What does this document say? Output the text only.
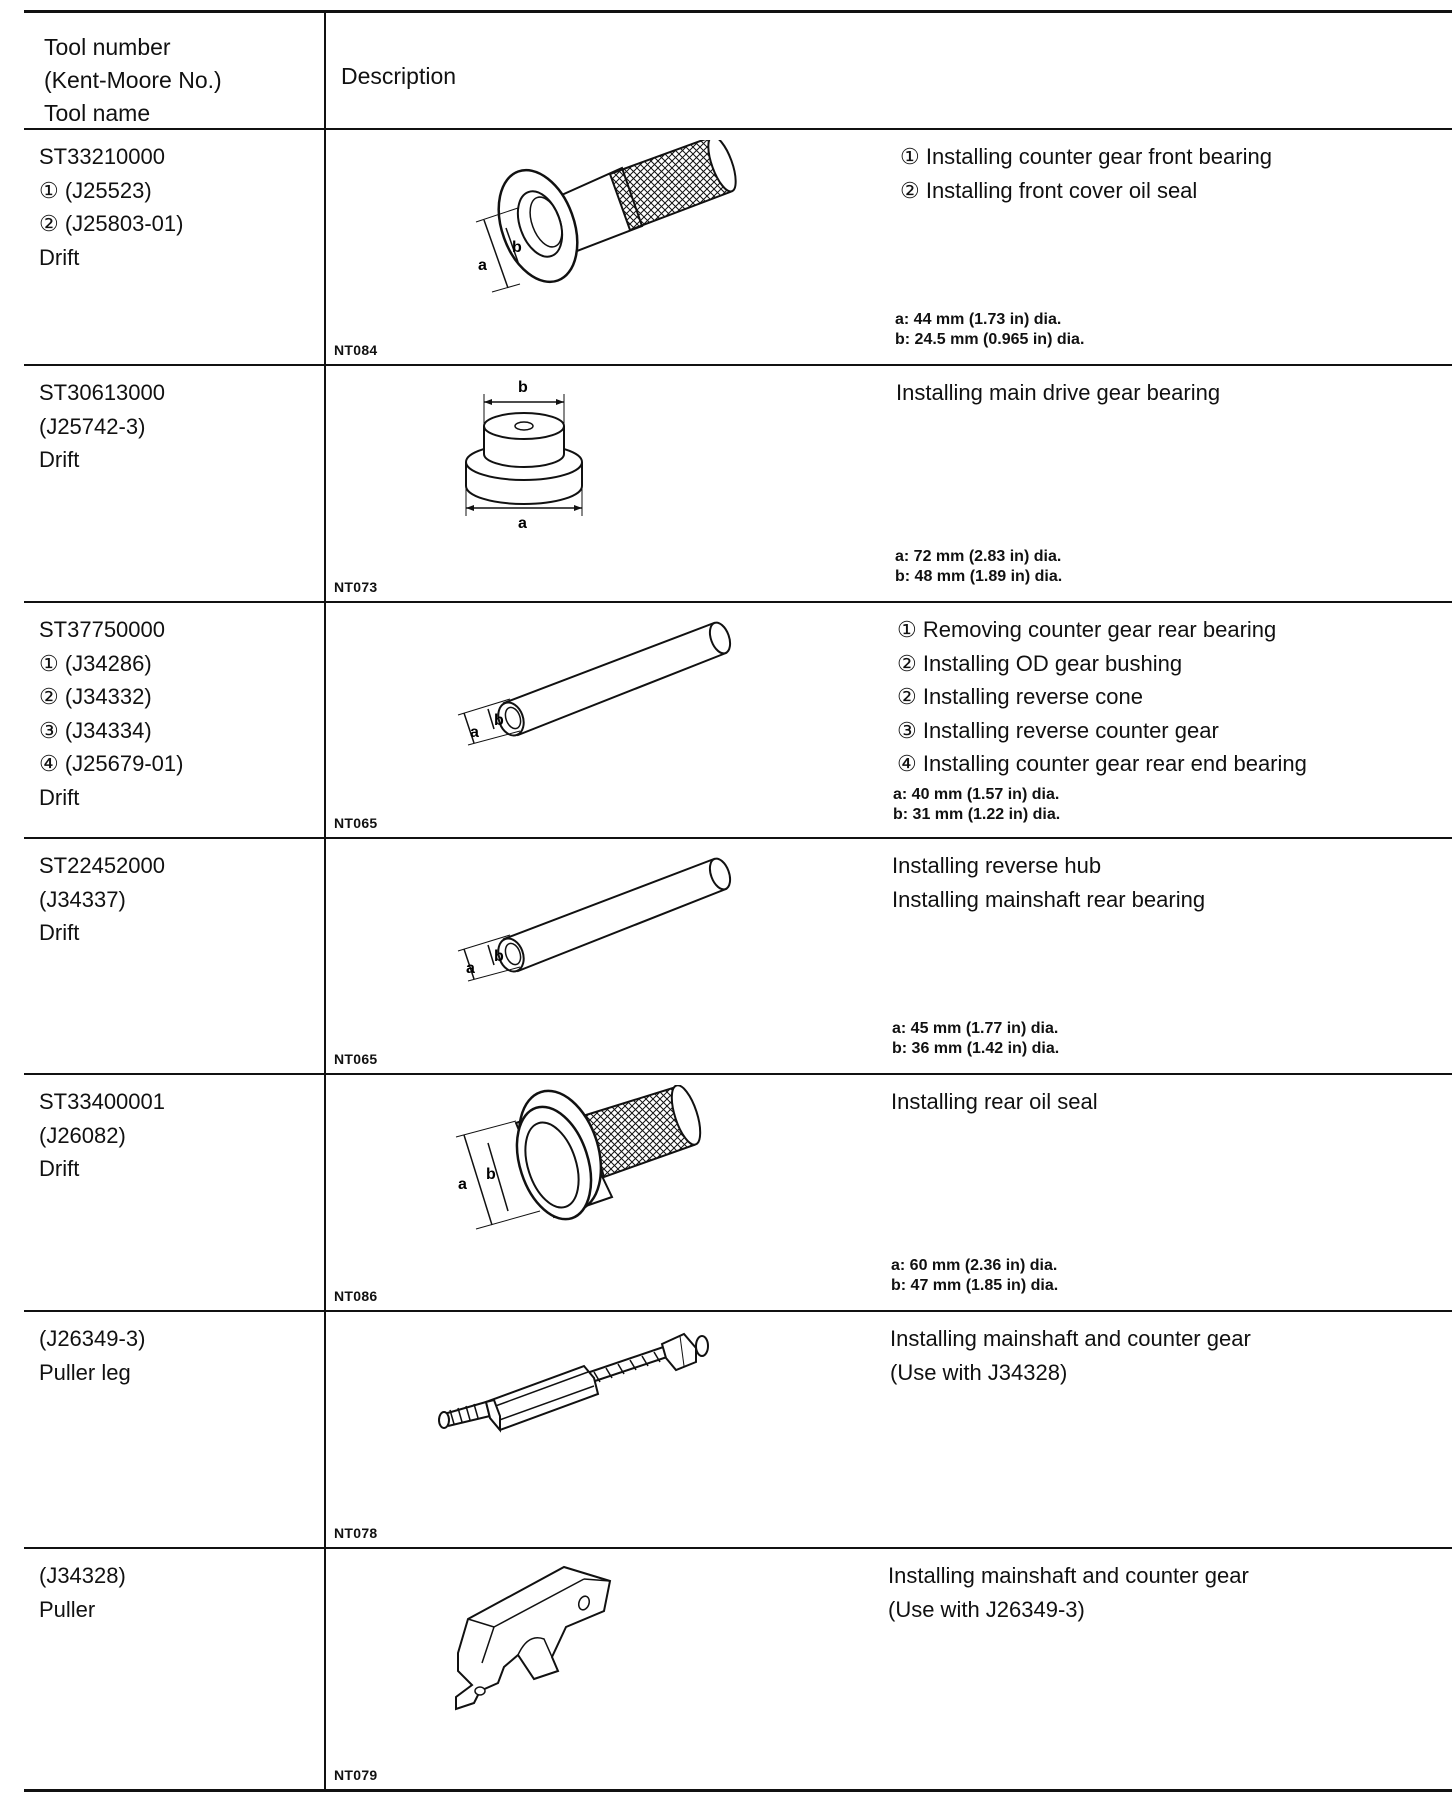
Tool number
(Kent-Moore No.)
Tool name
Description
ST33210000
① (J25523)
② (J25803-01)
Drift	a
b
NT084
① Installing counter gear front bearing
② Installing front cover oil seal
a: 44 mm (1.73 in) dia.
b: 24.5 mm (0.965 in) dia.
ST30613000
(J25742-3)
Drift
b
a
NT073
Installing main drive gear bearing
a: 72 mm (2.83 in) dia.
b: 48 mm (1.89 in) dia.
ST37750000
① (J34286)
② (J34332)
③ (J34334)
④ (J25679-01)
Drift
a
b
NT065
① Removing counter gear rear bearing
② Installing OD gear bushing
② Installing reverse cone
③ Installing reverse counter gear
④ Installing counter gear rear end bearing
a: 40 mm (1.57 in) dia.
b: 31 mm (1.22 in) dia.
ST22452000
(J34337)
Drift
a
b
NT065
Installing reverse hub
Installing mainshaft rear bearing
a: 45 mm (1.77 in) dia.
b: 36 mm (1.42 in) dia.
ST33400001
(J26082)
Drift
a
b
NT086
Installing rear oil seal
a: 60 mm (2.36 in) dia.
b: 47 mm (1.85 in) dia.
(J26349-3)
Puller leg
NT078
Installing mainshaft and counter gear
(Use with J34328)
(J34328)
Puller
NT079
Installing mainshaft and counter gear
(Use with J26349-3)
